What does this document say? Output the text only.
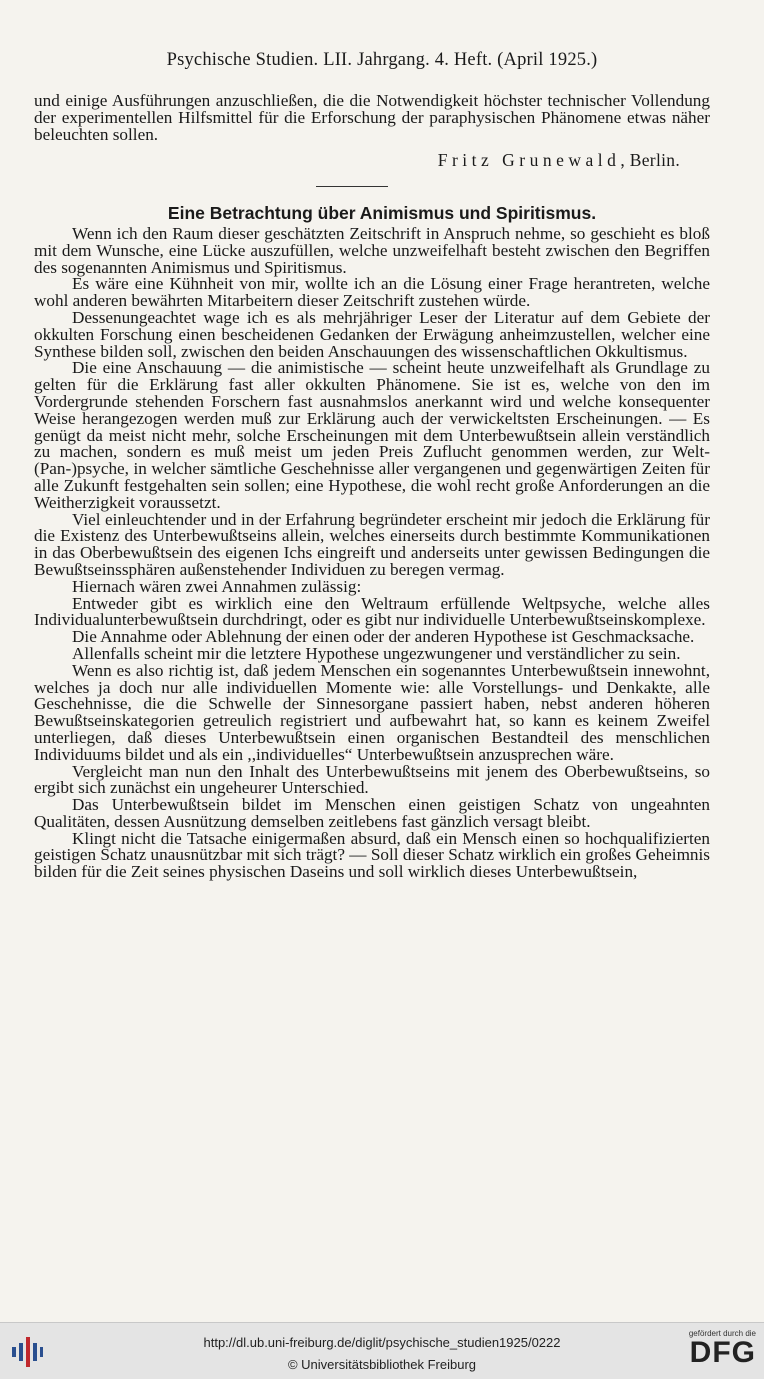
Psychische Studien. LII. Jahrgang. 4. Heft. (April 1925.)

und einige Ausführungen anzuschließen, die die Notwendigkeit höchster technischer Vollendung der experimentellen Hilfsmittel für die Erforschung der paraphysischen Phänomene etwas näher beleuchten sollen.

Fritz Grunewald, Berlin.
Eine Betrachtung über Animismus und Spiritismus.

Wenn ich den Raum dieser geschätzten Zeitschrift in Anspruch nehme, so geschieht es bloß mit dem Wunsche, eine Lücke auszufüllen, welche unzweifelhaft besteht zwischen den Begriffen des sogenannten Animismus und Spiritismus.

Es wäre eine Kühnheit von mir, wollte ich an die Lösung einer Frage herantreten, welche wohl anderen bewährten Mitarbeitern dieser Zeitschrift zustehen würde.

Dessenungeachtet wage ich es als mehrjähriger Leser der Literatur auf dem Gebiete der okkulten Forschung einen bescheidenen Gedanken der Erwägung anheimzustellen, welcher eine Synthese bilden soll, zwischen den beiden Anschauungen des wissenschaftlichen Okkultismus.

Die eine Anschauung — die animistische — scheint heute unzweifelhaft als Grundlage zu gelten für die Erklärung fast aller okkulten Phänomene. Sie ist es, welche von den im Vordergrunde stehenden Forschern fast ausnahmslos anerkannt wird und welche konsequenter Weise herangezogen werden muß zur Erklärung auch der verwickeltsten Erscheinungen. — Es genügt da meist nicht mehr, solche Erscheinungen mit dem Unterbewußtsein allein verständlich zu machen, sondern es muß meist um jeden Preis Zuflucht genommen werden, zur Welt-(Pan-)psyche, in welcher sämtliche Geschehnisse aller vergangenen und gegenwärtigen Zeiten für alle Zukunft festgehalten sein sollen; eine Hypothese, die wohl recht große Anforderungen an die Weitherzigkeit voraussetzt.

Viel einleuchtender und in der Erfahrung begründeter erscheint mir jedoch die Erklärung für die Existenz des Unterbewußtseins allein, welches einerseits durch bestimmte Kommunikationen in das Oberbewußtsein des eigenen Ichs eingreift und anderseits unter gewissen Bedingungen die Bewußtseinssphären außenstehender Individuen zu beregen vermag.

Hiernach wären zwei Annahmen zulässig:

Entweder gibt es wirklich eine den Weltraum erfüllende Weltpsyche, welche alles Individualunterbewußtsein durchdringt, oder es gibt nur individuelle Unterbewußtseinskomplexe.

Die Annahme oder Ablehnung der einen oder der anderen Hypothese ist Geschmacksache.

Allenfalls scheint mir die letztere Hypothese ungezwungener und verständlicher zu sein.

Wenn es also richtig ist, daß jedem Menschen ein sogenanntes Unterbewußtsein innewohnt, welches ja doch nur alle individuellen Momente wie: alle Vorstellungs- und Denkakte, alle Geschehnisse, die die Schwelle der Sinnesorgane passiert haben, nebst anderen höheren Bewußtseinskategorien getreulich registriert und aufbewahrt hat, so kann es keinem Zweifel unterliegen, daß dieses Unterbewußtsein einen organischen Bestandteil des menschlichen Individuums bildet und als ein ,,individuelles“ Unterbewußtsein anzusprechen wäre.

Vergleicht man nun den Inhalt des Unterbewußtseins mit jenem des Oberbewußtseins, so ergibt sich zunächst ein ungeheurer Unterschied.

Das Unterbewußtsein bildet im Menschen einen geistigen Schatz von ungeahnten Qualitäten, dessen Ausnützung demselben zeitlebens fast gänzlich versagt bleibt.

Klingt nicht die Tatsache einigermaßen absurd, daß ein Mensch einen so hochqualifizierten geistigen Schatz unausnützbar mit sich trägt? — Soll dieser Schatz wirklich ein großes Geheimnis bilden für die Zeit seines physischen Daseins und soll wirklich dieses Unterbewußtsein,

http://dl.ub.uni-freiburg.de/diglit/psychische_studien1925/0222
© Universitätsbibliothek Freiburg
gefördert durch die
DFG
